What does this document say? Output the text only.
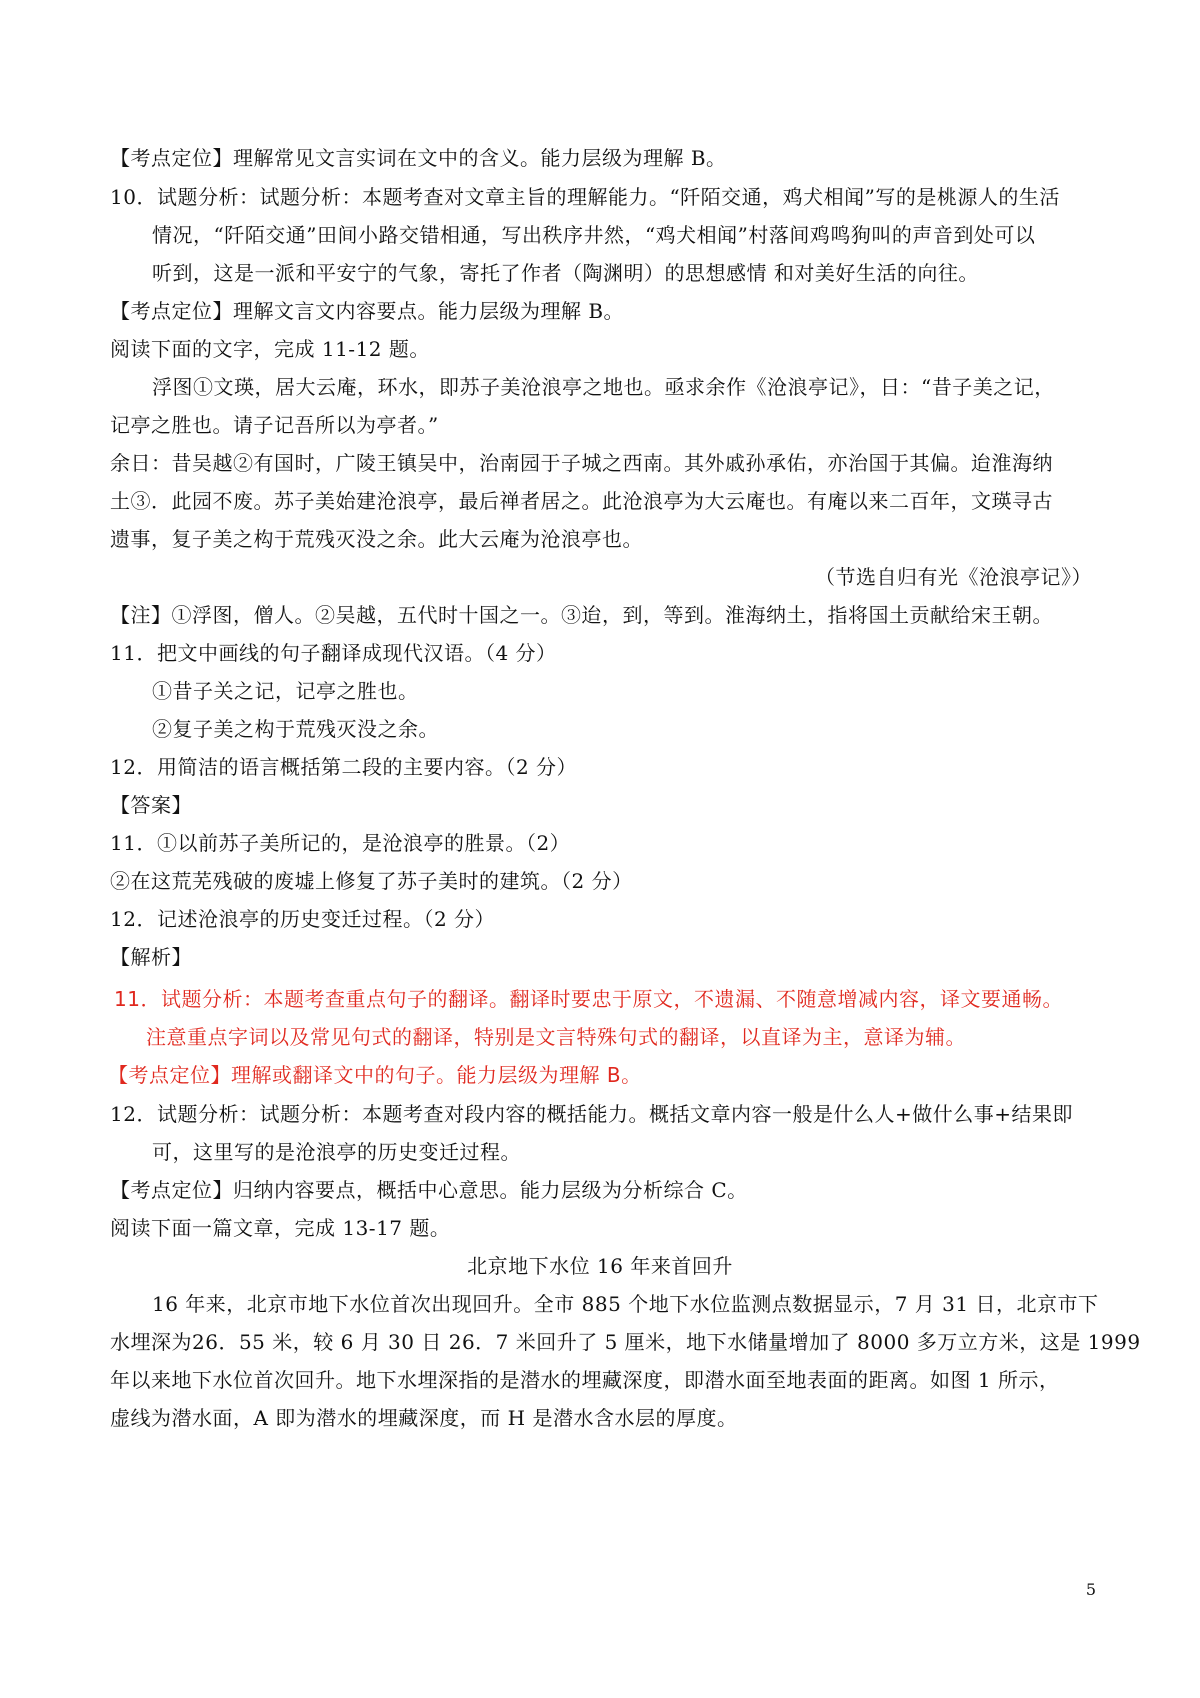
【考点定位】理解常见文言实词在文中的含义。能力层级为理解 B。
10．试题分析：试题分析：本题考查对文章主旨的理解能力。“阡陌交通，鸡犬相闻”写的是桃源人的生活
情况，“阡陌交通”田间小路交错相通，写出秩序井然，“鸡犬相闻”村落间鸡鸣狗叫的声音到处可以
听到，这是一派和平安宁的气象，寄托了作者（陶渊明）的思想感情 和对美好生活的向往。
【考点定位】理解文言文内容要点。能力层级为理解 B。
阅读下面的文字，完成 11-12 题。
浮图①文瑛，居大云庵，环水，即苏子美沧浪亭之地也。亟求余作《沧浪亭记》，日：“昔子美之记，
记亭之胜也。请子记吾所以为亭者。”
余日：昔吴越②有国时，广陵王镇吴中，治南园于子城之西南。其外戚孙承佑，亦治国于其偏。迨淮海纳
土③．此园不废。苏子美始建沧浪亭，最后禅者居之。此沧浪亭为大云庵也。有庵以来二百年，文瑛寻古
遗事，复子美之构于荒残灭没之余。此大云庵为沧浪亭也。
（节选自归有光《沧浪亭记》）
【注】①浮图，僧人。②吴越，五代时十国之一。③迨，到，等到。淮海纳土，指将国土贡献给宋王朝。
11．把文中画线的句子翻译成现代汉语。（4 分）
①昔子关之记，记亭之胜也。
②复子美之构于荒残灭没之余。
12．用简洁的语言概括第二段的主要内容。（2 分）
【答案】
11．①以前苏子美所记的，是沧浪亭的胜景。（2）
②在这荒芜残破的废墟上修复了苏子美时的建筑。（2 分）
12．记述沧浪亭的历史变迁过程。（2 分）
【解析】
11．试题分析：本题考查重点句子的翻译。翻译时要忠于原文，不遗漏、不随意增减内容，译文要通畅。
注意重点字词以及常见句式的翻译，特别是文言特殊句式的翻译，以直译为主，意译为辅。
【考点定位】理解或翻译文中的句子。能力层级为理解 B。
12．试题分析：试题分析：本题考查对段内容的概括能力。概括文章内容一般是什么人+做什么事+结果即
可，这里写的是沧浪亭的历史变迁过程。
【考点定位】归纳内容要点，概括中心意思。能力层级为分析综合 C。
阅读下面一篇文章，完成 13-17 题。
北京地下水位 16 年来首回升
16 年来，北京市地下水位首次出现回升。全市 885 个地下水位监测点数据显示，7 月 31 日，北京市下
水埋深为26．55 米，较 6 月 30 日 26．7 米回升了 5 厘米，地下水储量增加了 8000 多万立方米，这是 1999
年以来地下水位首次回升。地下水埋深指的是潜水的埋藏深度，即潜水面至地表面的距离。如图 1 所示，
虚线为潜水面，A 即为潜水的埋藏深度，而 H 是潜水含水层的厚度。
5
